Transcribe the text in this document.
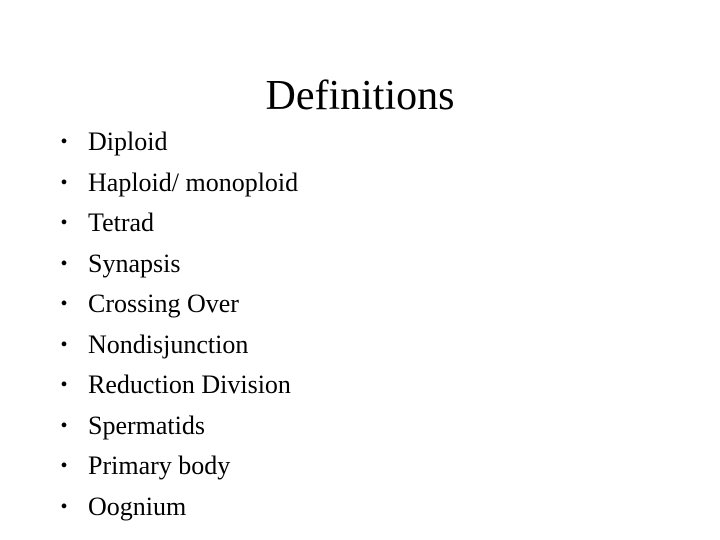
Definitions
• Diploid
• Haploid/ monoploid
• Tetrad
• Synapsis
• Crossing Over
• Nondisjunction
• Reduction Division
• Spermatids
• Primary body
• Oognium
